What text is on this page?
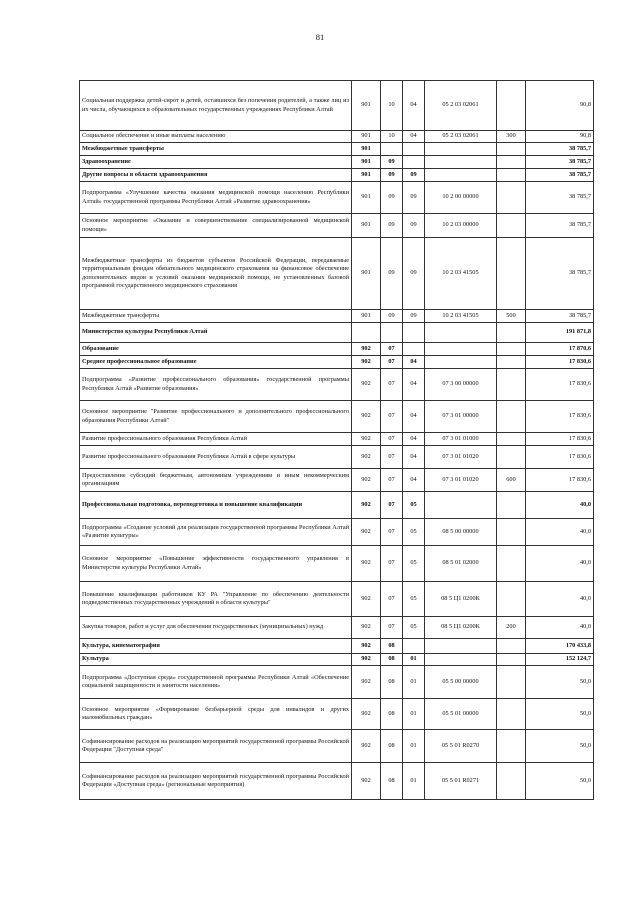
81
Социальная поддержка детей-сирот и детей, оставшихся без попечения родителей, а также лиц из их числа, обучающихся в образовательных государственных учреждениях Республики Алтай	901	10	04	05 2 03 02061		90,8
Социальное обеспечение и иные выплаты населению	901	10	04	05 2 03 02061	300	90,8
Межбюджетные трансферты	901					38 785,7
Здравоохранение	901	09				38 785,7
Другие вопросы в области здравоохранения	901	09	09			38 785,7
Подпрограмма «Улучшение качества оказания медицинской помощи населению Республики Алтай» государственной программы Республики Алтай «Развитие здравоохранения»	901	09	09	10 2 00 00000		38 785,7
Основное мероприятие «Оказание и совершенствование специализированной медицинской помощи»	901	09	09	10 2 03 00000		38 785,7
Межбюджетные трансферты из бюджетов субъектов Российской Федерации, передаваемые территориальным фондам обязательного медицинского страхования на финансовое обеспечение дополнительных видов и условий оказания медицинской помощи, не установленных базовой программой государственного медицинского страхования	901	09	09	10 2 03 41505		38 785,7
Межбюджетные трансферты	901	09	09	10 2 03 41505	500	38 785,7
Министерство культуры Республики Алтай						191 871,8
Образование	902	07				17 870,6
Среднее профессиональное образование	902	07	04			17 830,6
Подпрограмма «Развитие профессионального образования» государственной программы Республики Алтай «Развитие образования»	902	07	04	07 3 00 00000		17 830,6
Основное мероприятие "Развитие профессионального и дополнительного профессионального образования Республики Алтай"	902	07	04	07 3 01 00000		17 830,6
Развитие профессионального образования Республики Алтай	902	07	04	07 3 01 01000		17 830,6
Развитие профессионального образования Республики Алтай в сфере культуры	902	07	04	07 3 01 01020		17 830,6
Предоставление субсидий бюджетным, автономным учреждениям и иным некоммерческим организациям	902	07	04	07 3 01 01020	600	17 830,6
Профессиональная подготовка, переподготовка и повышение квалификации	902	07	05			40,0
Подпрограмма «Создание условий для реализации государственной программы Республики Алтай «Развитие культуры»	902	07	05	08 5 00 00000		40,0
Основное мероприятие «Повышение эффективности государственного управления в Министерстве культуры Республики Алтай»	902	07	05	08 5 01 02000		40,0
Повышение квалификации работников КУ РА "Управление по обеспечению деятельности подведомственных государственных учреждений в области культуры"	902	07	05	08 5 Ц1 0200К		40,0
Закупка товаров, работ и услуг для обеспечения государственных (муниципальных) нужд	902	07	05	08 5 Ц1 0200К	200	40,0
Культура, кинематография	902	08				170 433,8
Культура	902	08	01			152 124,7
Подпрограмма «Доступная среда» государственной программы Республики Алтай «Обеспечение социальной защищенности и занятости населения»	902	08	01	05 5 00 00000		50,0
Основное мероприятие «Формирование безбарьерной среды для инвалидов и других маломобильных граждан»	902	08	01	05 5 01 00000		50,0
Софинансирование расходов на реализацию мероприятий государственной программы Российской Федерации "Доступная среда"	902	08	01	05 5 01 R0270		50,0
Софинансирование расходов на реализацию мероприятий государственной программы Российской Федерации «Доступная среда» (региональные мероприятия)	902	08	01	05 5 01 R0271		50,0
